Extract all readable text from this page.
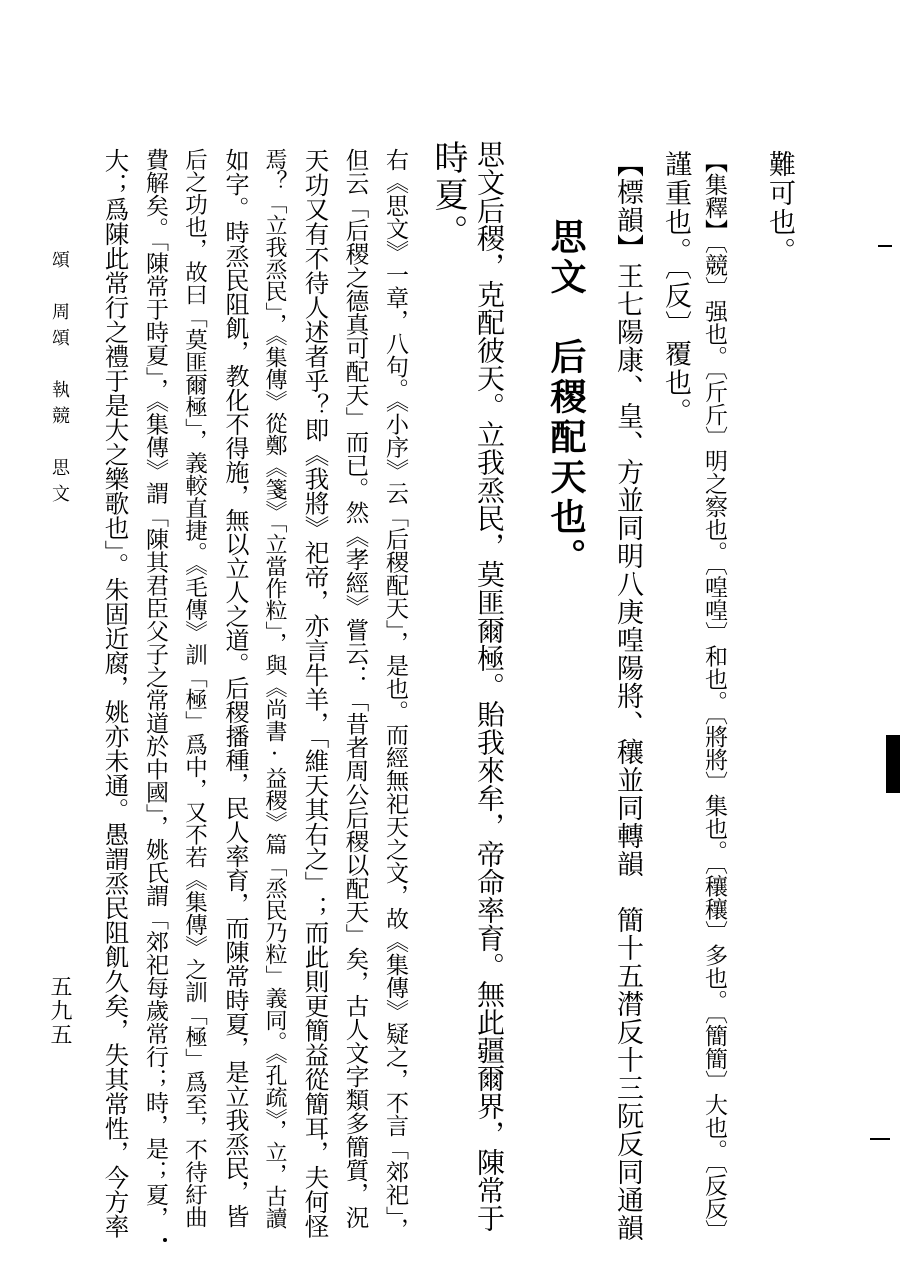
難可也。
【集釋】〔競〕强也。〔斤斤〕明之察也。〔喤喤〕和也。〔將將〕集也。〔穰穰〕多也。〔簡簡〕大也。〔反反〕
謹重也。〔反〕覆也。
【標韻】王七陽康、皇、方並同明八庚喤陽將、穰並同轉韻　簡十五潸反十三阮反同通韻
思文　后稷配天也。
思文后稷，克配彼天。立我烝民，莫匪爾極。貽我來牟，帝命率育。無此疆爾界，陳常于
時夏。
右《思文》一章，八句。《小序》云「后稷配天」，是也。而經無祀天之文，故《集傳》疑之，不言「郊祀」，
但云「后稷之德真可配天」而已。然《孝經》嘗云：「昔者周公后稷以配天」矣，古人文字類多簡質，況
天功又有不待人述者乎？即《我將》祀帝，亦言牛羊，「維天其右之」；而此則更簡益從簡耳，夫何怪
焉？「立我烝民」，《集傳》從鄭《箋》「立當作粒」，與《尚書·益稷》篇「烝民乃粒」義同。《孔疏》，立，古讀
如字。時烝民阻飢，教化不得施，無以立人之道。后稷播種，民人率育，而陳常時夏，是立我烝民，皆
后之功也，故曰「莫匪爾極」，義較直捷。《毛傳》訓「極」爲中，又不若《集傳》之訓「極」爲至，不待紆曲
費解矣。「陳常于時夏」，《集傳》謂「陳其君臣父子之常道於中國」，姚氏謂「郊祀每歲常行；時，是；夏，
大；爲陳此常行之禮于是大之樂歌也」。朱固近腐，姚亦未通。愚謂烝民阻飢久矣，失其常性，今方率
頌　周頌　執競　思文
五九五
